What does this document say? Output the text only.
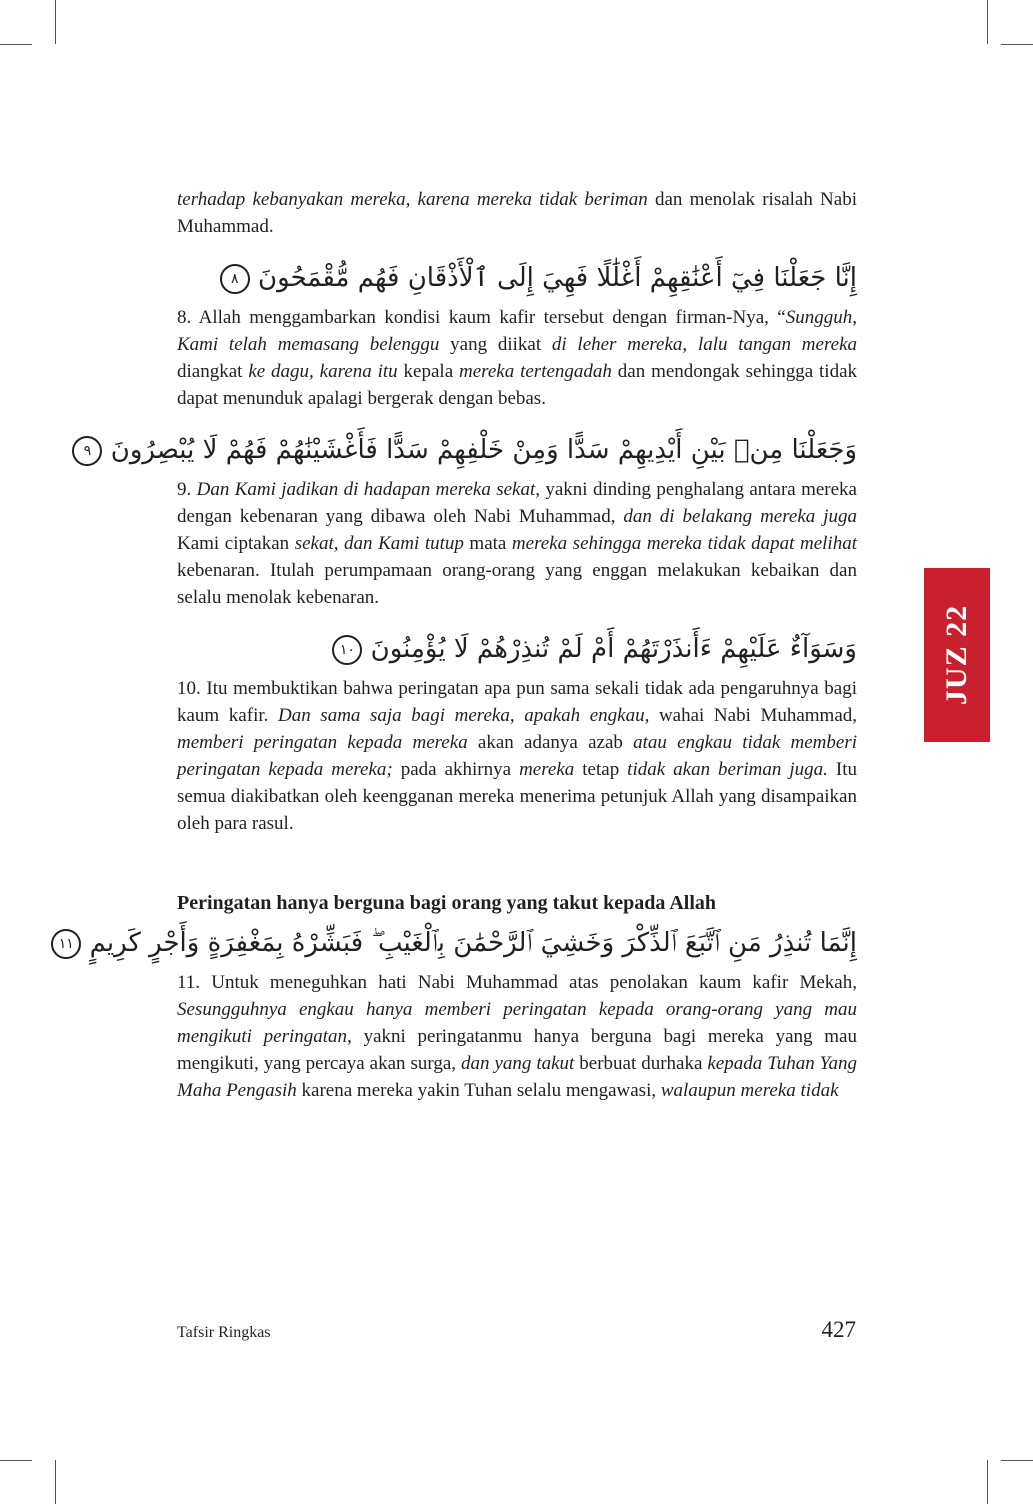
terhadap kebanyakan mereka, karena mereka tidak beriman dan menolak risalah Nabi Muhammad.

إِنَّا جَعَلْنَا فِيٓ أَعْنَٰقِهِمْ أَغْلَٰلًا فَهِيَ إِلَى ٱلْأَذْقَانِ فَهُم مُّقْمَحُونَ ٨

8. Allah menggambarkan kondisi kaum kafir tersebut dengan firman-Nya, “Sungguh, Kami telah memasang belenggu yang diikat di leher mereka, lalu tangan mereka diangkat ke dagu, karena itu kepala mereka tertengadah dan mendongak sehingga tidak dapat menunduk apalagi bergerak dengan bebas.

وَجَعَلْنَا مِنۢ بَيْنِ أَيْدِيهِمْ سَدًّا وَمِنْ خَلْفِهِمْ سَدًّا فَأَغْشَيْنَٰهُمْ فَهُمْ لَا يُبْصِرُونَ ٩

9. Dan Kami jadikan di hadapan mereka sekat, yakni dinding penghalang antara mereka dengan kebenaran yang dibawa oleh Nabi Muhammad, dan di belakang mereka juga Kami ciptakan sekat, dan Kami tutup mata mereka sehingga mereka tidak dapat melihat kebenaran. Itulah perumpamaan orang-orang yang enggan melakukan kebaikan dan selalu menolak kebenaran.

وَسَوَآءٌ عَلَيْهِمْ ءَأَنذَرْتَهُمْ أَمْ لَمْ تُنذِرْهُمْ لَا يُؤْمِنُونَ ١٠

10. Itu membuktikan bahwa peringatan apa pun sama sekali tidak ada pengaruhnya bagi kaum kafir. Dan sama saja bagi mereka, apakah engkau, wahai Nabi Muhammad, memberi peringatan kepada mereka akan adanya azab atau engkau tidak memberi peringatan kepada mereka; pada akhirnya mereka tetap tidak akan beriman juga. Itu semua diakibatkan oleh keengganan mereka menerima petunjuk Allah yang disampaikan oleh para rasul.

Peringatan hanya berguna bagi orang yang takut kepada Allah
إِنَّمَا تُنذِرُ مَنِ ٱتَّبَعَ ٱلذِّكْرَ وَخَشِيَ ٱلرَّحْمَٰنَ بِٱلْغَيْبِ ۖ فَبَشِّرْهُ بِمَغْفِرَةٍ وَأَجْرٍ كَرِيمٍ ١١

11. Untuk meneguhkan hati Nabi Muhammad atas penolakan kaum kafir Mekah, Sesungguhnya engkau hanya memberi peringatan kepada orang-orang yang mau mengikuti peringatan, yakni peringatanmu hanya berguna bagi mereka yang mau mengikuti, yang percaya akan surga, dan yang takut berbuat durhaka kepada Tuhan Yang Maha Pengasih karena mereka yakin Tuhan selalu mengawasi, walaupun mereka tidak

JUZ 22
Tafsir Ringkas	427
